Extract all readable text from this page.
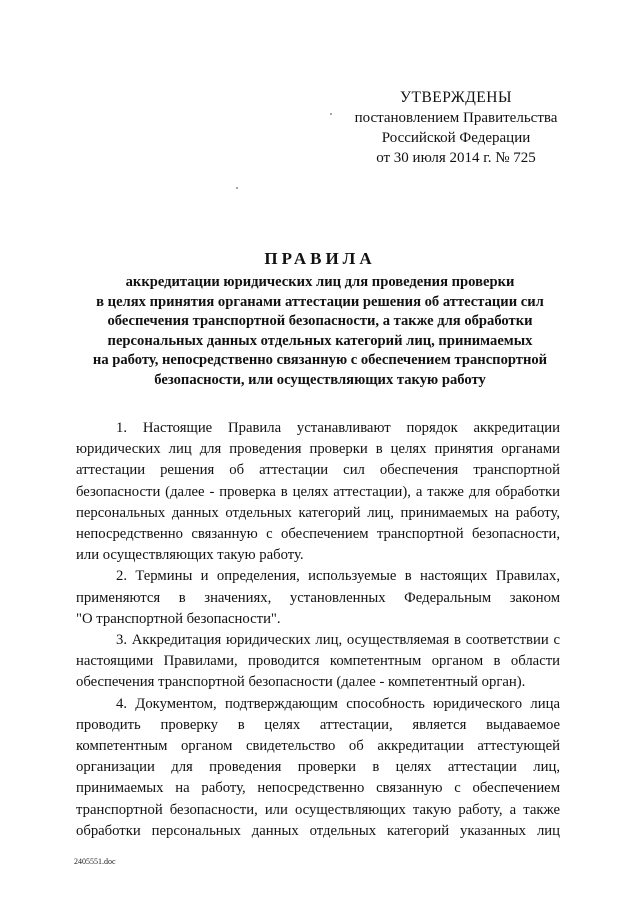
УТВЕРЖДЕНЫ
постановлением Правительства
Российской Федерации
от 30 июля 2014 г. № 725
ПРАВИЛА
аккредитации юридических лиц для проведения проверки
в целях принятия органами аттестации решения об аттестации сил
обеспечения транспортной безопасности, а также для обработки
персональных данных отдельных категорий лиц, принимаемых
на работу, непосредственно связанную с обеспечением транспортной
безопасности, или осуществляющих такую работу

1. Настоящие Правила устанавливают порядок аккредитации
юридических лиц для проведения проверки в целях принятия органами
аттестации решения об аттестации сил обеспечения транспортной
безопасности (далее - проверка в целях аттестации), а также для обработки
персональных данных отдельных категорий лиц, принимаемых на работу,
непосредственно связанную с обеспечением транспортной безопасности,
или осуществляющих такую работу.

2. Термины и определения, используемые в настоящих Правилах,
применяются в значениях, установленных Федеральным законом
"О транспортной безопасности".

3. Аккредитация юридических лиц, осуществляемая в соответствии с
настоящими Правилами, проводится компетентным органом в области
обеспечения транспортной безопасности (далее - компетентный орган).

4. Документом, подтверждающим способность юридического лица
проводить проверку в целях аттестации, является выдаваемое
компетентным органом свидетельство об аккредитации аттестующей
организации для проведения проверки в целях аттестации лиц,
принимаемых на работу, непосредственно связанную с обеспечением
транспортной безопасности, или осуществляющих такую работу, а также
обработки персональных данных отдельных категорий указанных лиц

2405551.doc
